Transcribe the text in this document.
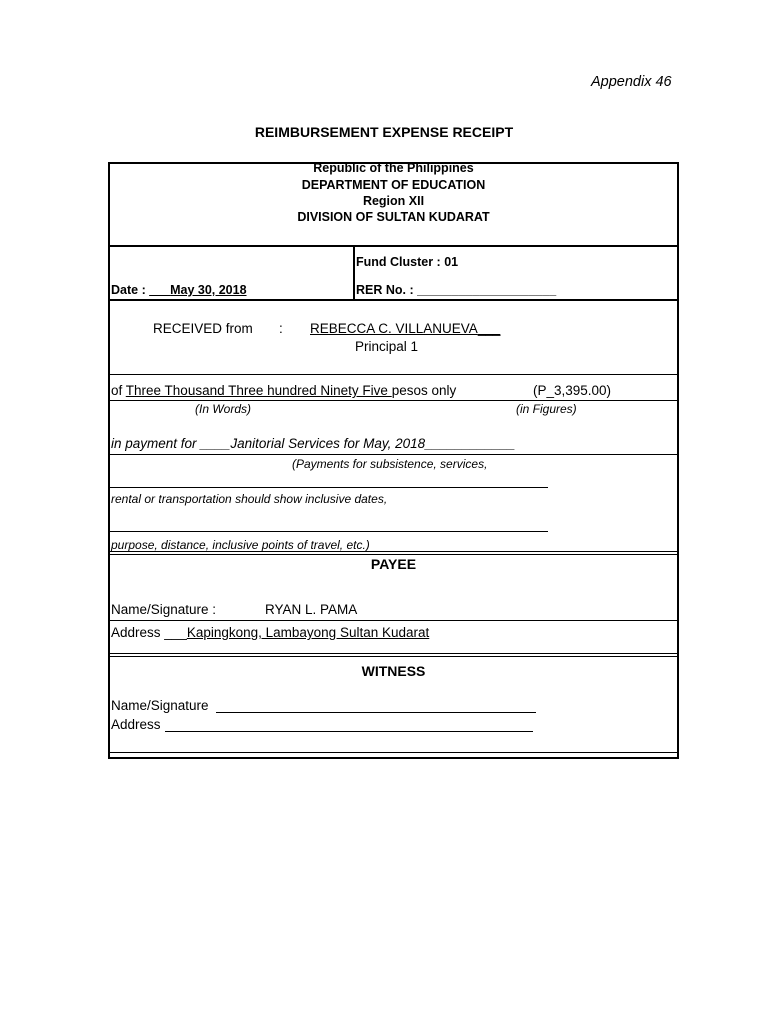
Appendix 46
REIMBURSEMENT EXPENSE RECEIPT
Republic of the Philippines
DEPARTMENT OF EDUCATION
Region XII
DIVISION OF SULTAN KUDARAT
Date : ___May 30, 2018
Fund Cluster : 01
RER No. : ____________________
RECEIVED from : REBECCA C. VILLANUEVA___
Principal 1
of Three Thousand Three hundred Ninety Five pesos only	(P_3,395.00)
(In Words)	(in Figures)
in payment for ____Janitorial Services for May, 2018____________
(Payments for subsistence, services,
rental or transportation should show inclusive dates,
purpose, distance, inclusive points of travel, etc.)
PAYEE
Name/Signature :	RYAN L. PAMA
Address ___Kapingkong, Lambayong Sultan Kudarat
WITNESS
Name/Signature
Address
